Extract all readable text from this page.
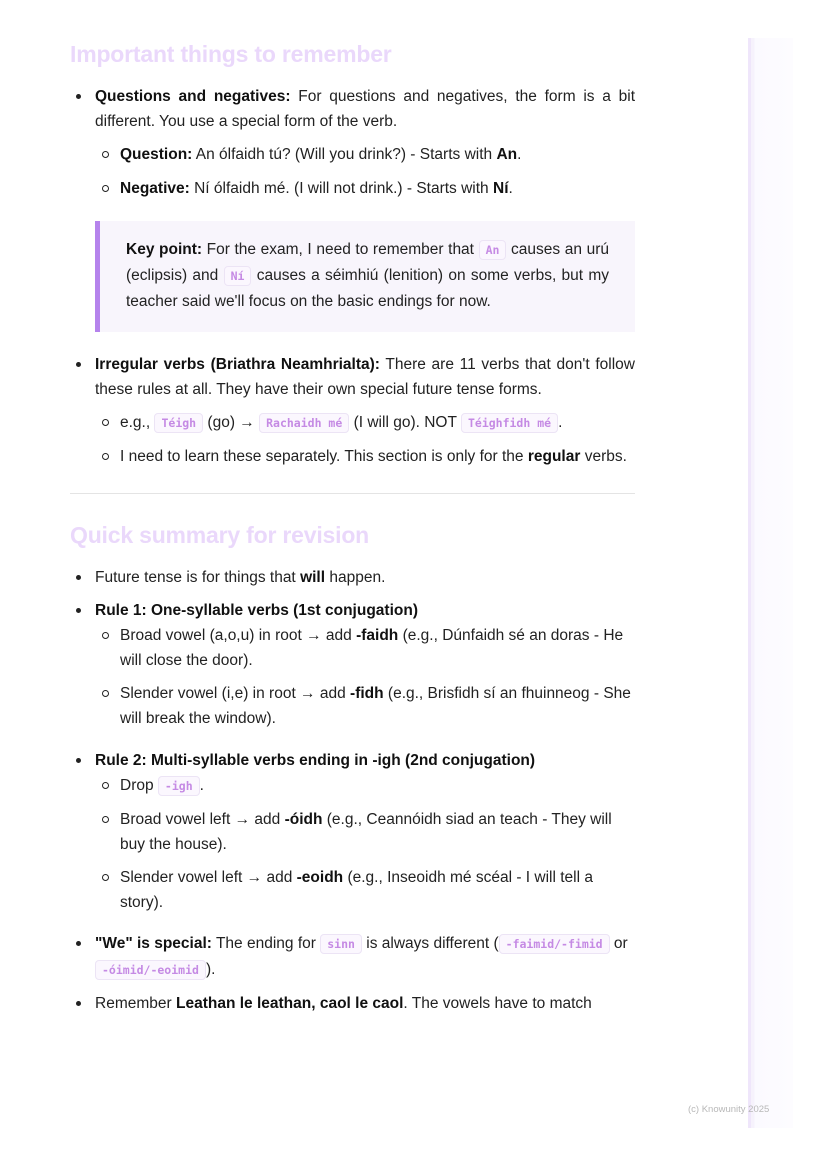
Important things to remember
Questions and negatives: For questions and negatives, the form is a bit different. You use a special form of the verb.
Question: An ólfaidh tú? (Will you drink?) - Starts with An.
Negative: Ní ólfaidh mé. (I will not drink.) - Starts with Ní.
Key point: For the exam, I need to remember that An causes an urú (eclipsis) and Ní causes a séimhiú (lenition) on some verbs, but my teacher said we'll focus on the basic endings for now.
Irregular verbs (Briathra Neamhrialta): There are 11 verbs that don't follow these rules at all. They have their own special future tense forms.
e.g., Téigh (go) → Rachaidh mé (I will go). NOT Téighfidh mé .
I need to learn these separately. This section is only for the regular verbs.
Quick summary for revision
Future tense is for things that will happen.
Rule 1: One-syllable verbs (1st conjugation)
Broad vowel (a,o,u) in root → add -faidh (e.g., Dúnfaidh sé an doras - He will close the door).
Slender vowel (i,e) in root → add -fidh (e.g., Brisfidh sí an fhuinneog - She will break the window).
Rule 2: Multi-syllable verbs ending in -igh (2nd conjugation)
Drop -igh .
Broad vowel left → add -óidh (e.g., Ceannóidh siad an teach - They will buy the house).
Slender vowel left → add -eoidh (e.g., Inseoidh mé scéal - I will tell a story).
"We" is special: The ending for sinn is always different ( -faimid/-fimid or -óimid/-eoimid ).
Remember Leathan le leathan, caol le caol. The vowels have to match
(c) Knowunity 2025
